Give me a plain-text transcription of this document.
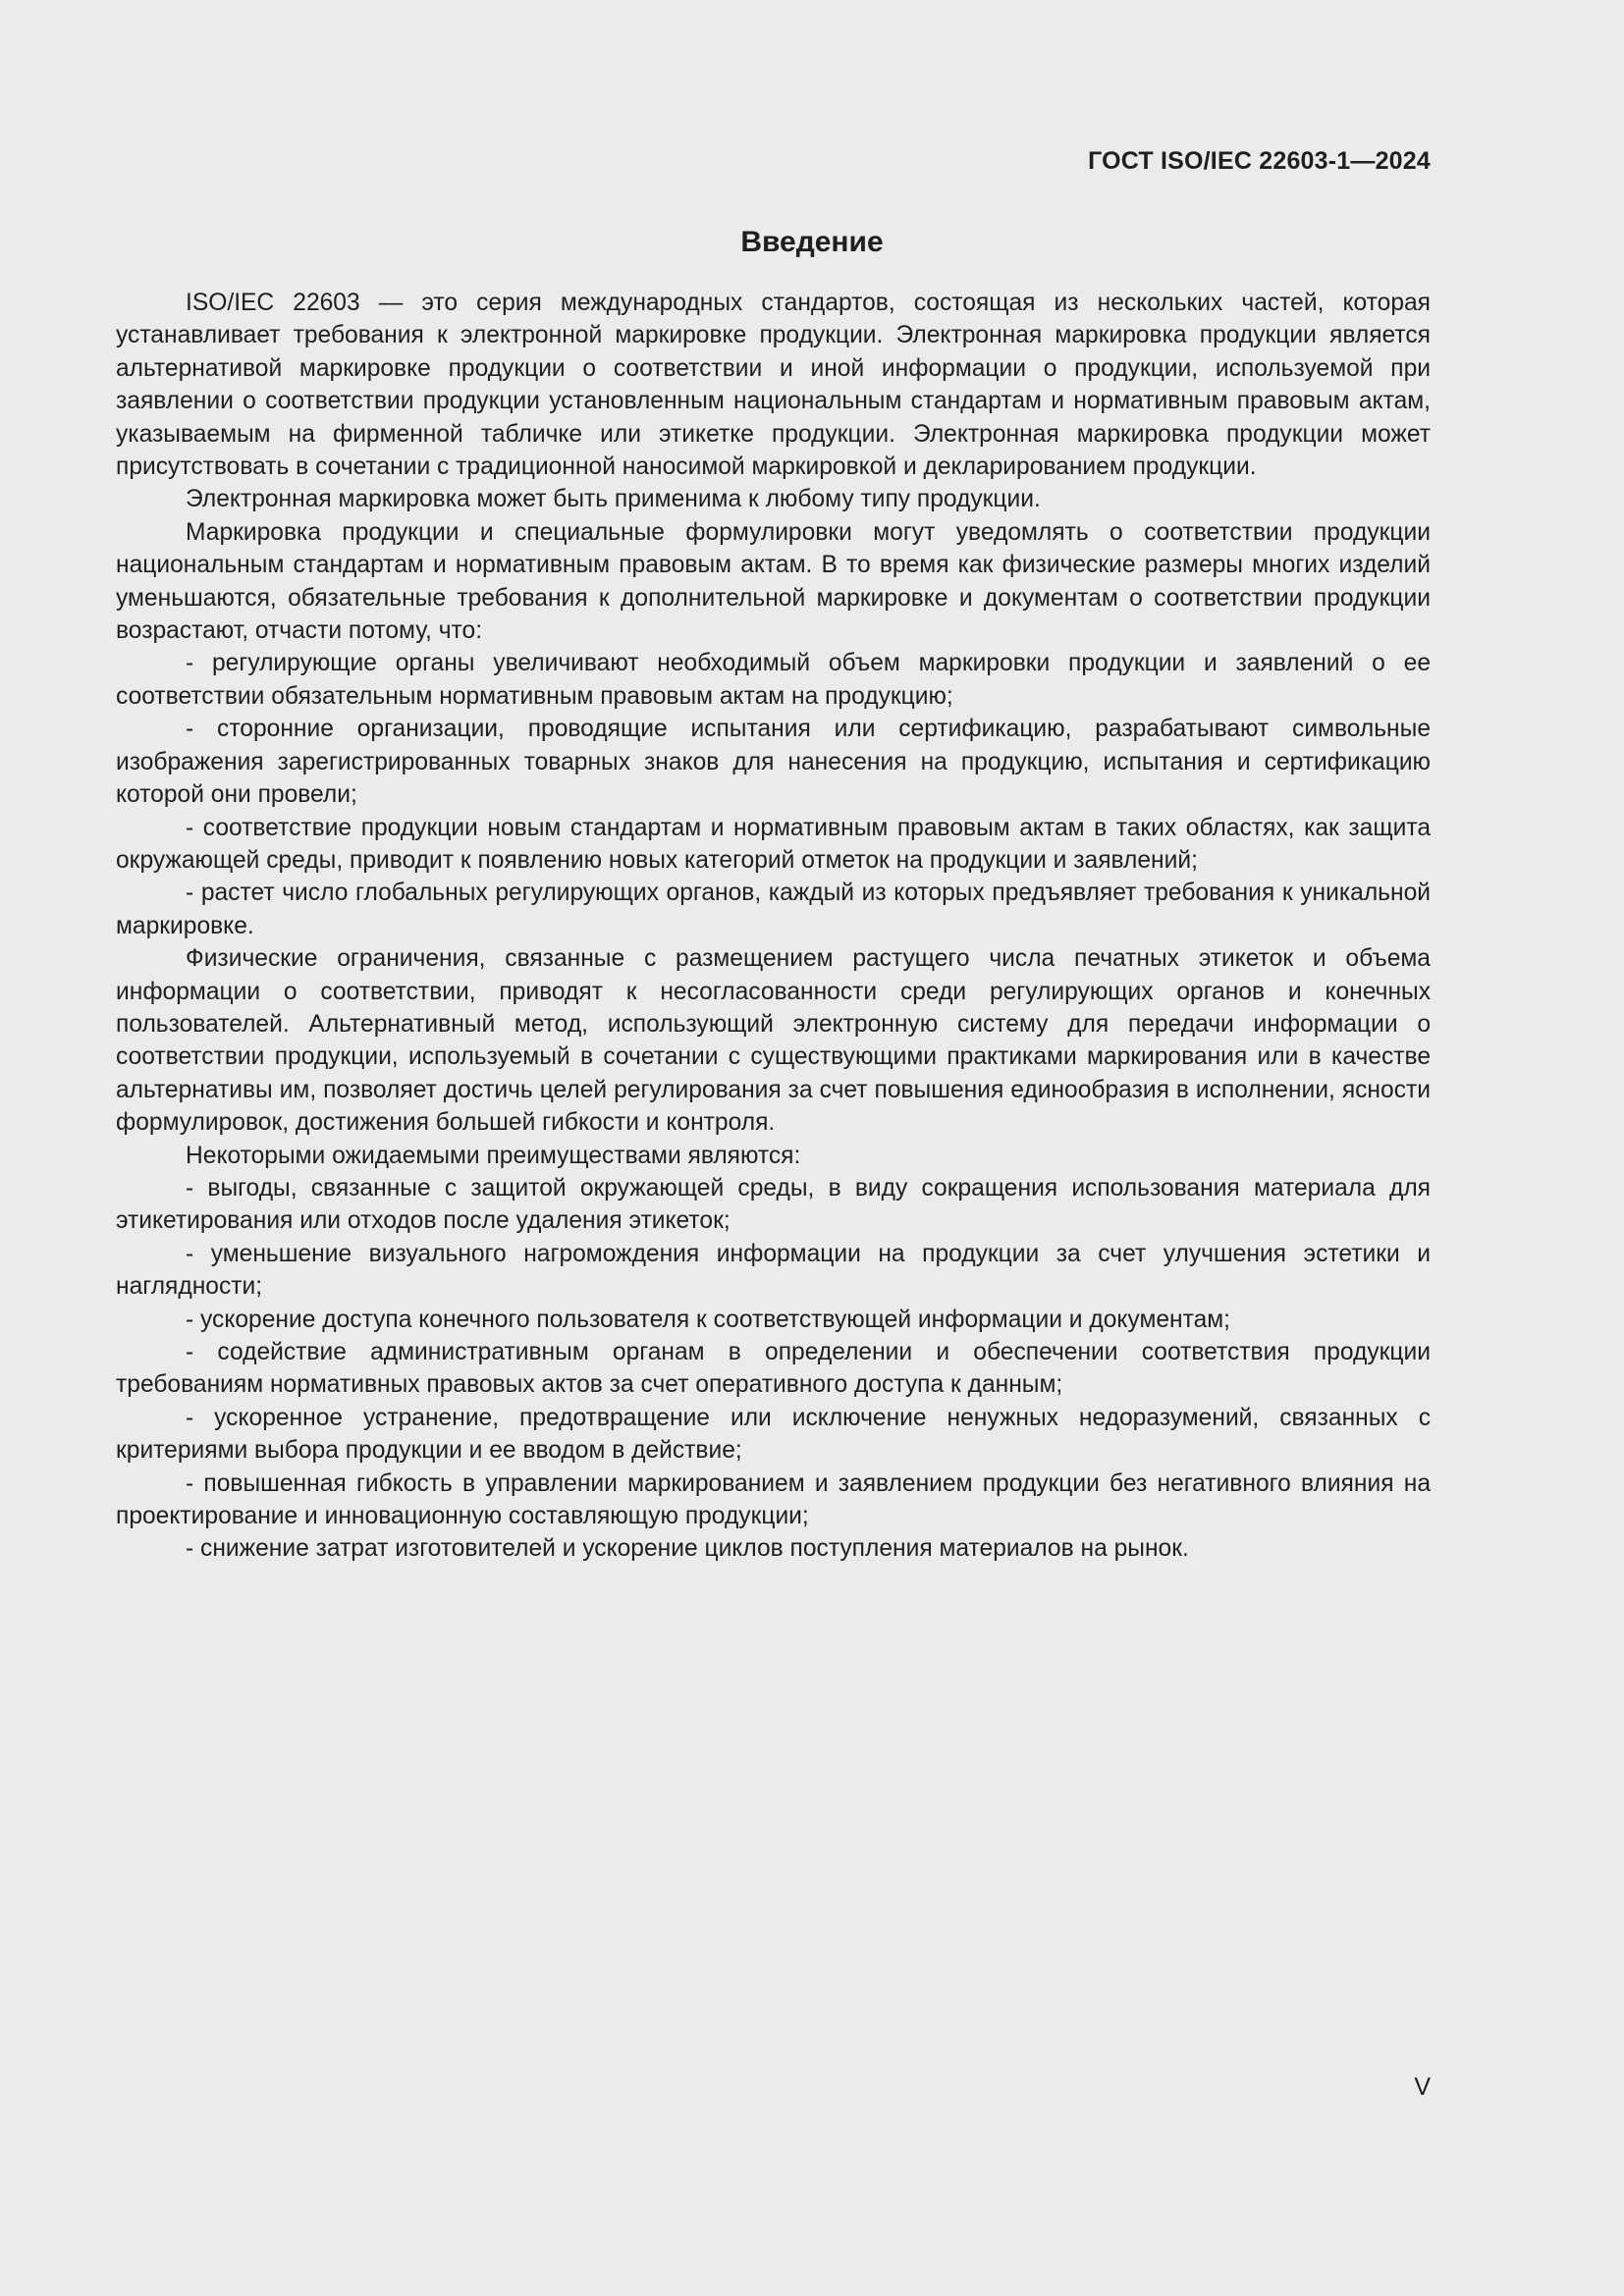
ГОСТ ISO/IEC 22603-1—2024
Введение

ISO/IEC 22603 — это серия международных стандартов, состоящая из нескольких частей, которая устанавливает требования к электронной маркировке продукции. Электронная маркировка продукции является альтернативой маркировке продукции о соответствии и иной информации о продукции, используемой при заявлении о соответствии продукции установленным национальным стандартам и нормативным правовым актам, указываемым на фирменной табличке или этикетке продукции. Электронная маркировка продукции может присутствовать в сочетании с традиционной наносимой маркировкой и декларированием продукции.

Электронная маркировка может быть применима к любому типу продукции.

Маркировка продукции и специальные формулировки могут уведомлять о соответствии продукции национальным стандартам и нормативным правовым актам. В то время как физические размеры многих изделий уменьшаются, обязательные требования к дополнительной маркировке и документам о соответствии продукции возрастают, отчасти потому, что:

- регулирующие органы увеличивают необходимый объем маркировки продукции и заявлений о ее соответствии обязательным нормативным правовым актам на продукцию;

- сторонние организации, проводящие испытания или сертификацию, разрабатывают символьные изображения зарегистрированных товарных знаков для нанесения на продукцию, испытания и сертификацию которой они провели;

- соответствие продукции новым стандартам и нормативным правовым актам в таких областях, как защита окружающей среды, приводит к появлению новых категорий отметок на продукции и заявлений;

- растет число глобальных регулирующих органов, каждый из которых предъявляет требования к уникальной маркировке.

Физические ограничения, связанные с размещением растущего числа печатных этикеток и объема информации о соответствии, приводят к несогласованности среди регулирующих органов и конечных пользователей. Альтернативный метод, использующий электронную систему для передачи информации о соответствии продукции, используемый в сочетании с существующими практиками маркирования или в качестве альтернативы им, позволяет достичь целей регулирования за счет повышения единообразия в исполнении, ясности формулировок, достижения большей гибкости и контроля.

Некоторыми ожидаемыми преимуществами являются:

- выгоды, связанные с защитой окружающей среды, в виду сокращения использования материала для этикетирования или отходов после удаления этикеток;

- уменьшение визуального нагромождения информации на продукции за счет улучшения эстетики и наглядности;

- ускорение доступа конечного пользователя к соответствующей информации и документам;

- содействие административным органам в определении и обеспечении соответствия продукции требованиям нормативных правовых актов за счет оперативного доступа к данным;

- ускоренное устранение, предотвращение или исключение ненужных недоразумений, связанных с критериями выбора продукции и ее вводом в действие;

- повышенная гибкость в управлении маркированием и заявлением продукции без негативного влияния на проектирование и инновационную составляющую продукции;

- снижение затрат изготовителей и ускорение циклов поступления материалов на рынок.

V
